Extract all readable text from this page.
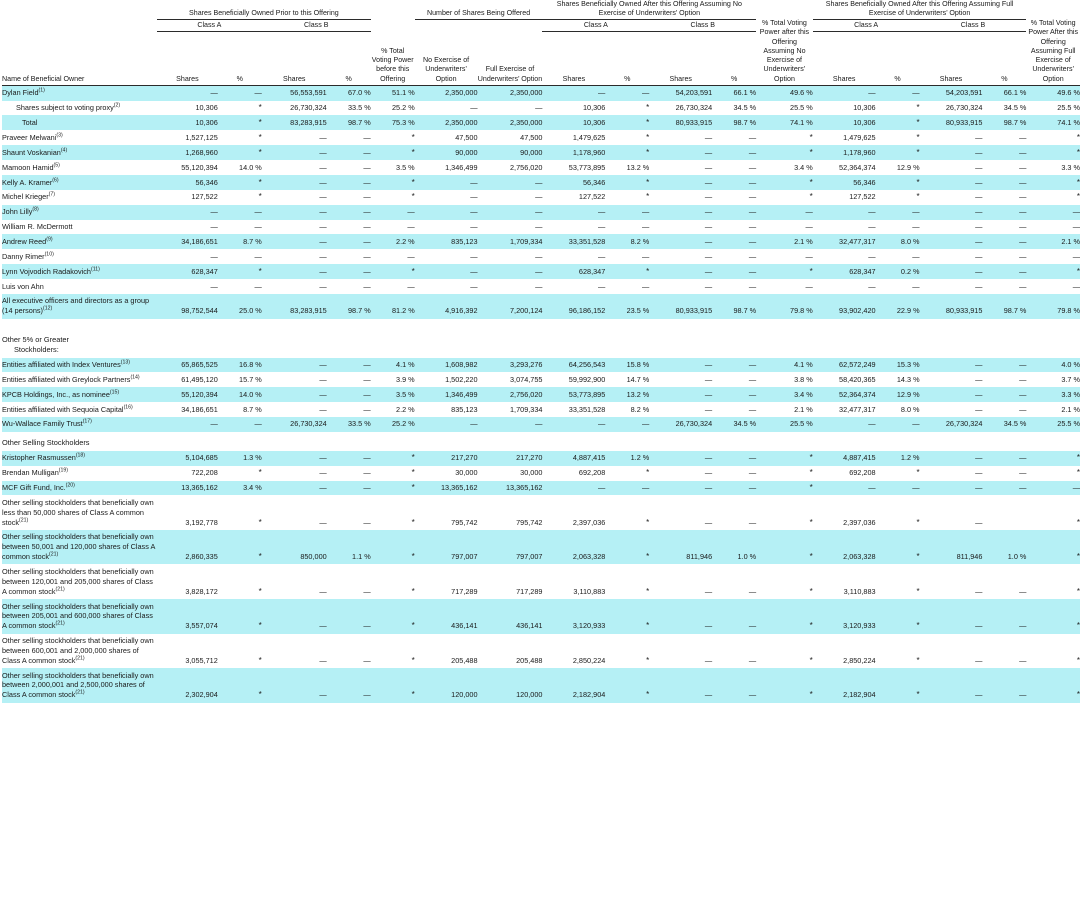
	Shares Beneficially Owned Prior to this Offering					Number of Shares Being Offered		Shares Beneficially Owned After this Offering Assuming No Exercise of Underwriters’ Option					Shares Beneficially Owned After this Offering Assuming Full Exercise of Underwriters’ Option				

	Class A		Class B		% Total Voting Power before this Offering	No Exercise of Underwriters’ Option	Full Exercise of Underwriters’ Option	Class A		Class B		% Total Voting Power after this Offering Assuming No Exercise of Underwriters’ Option	Class A		Class B		% Total Voting Power After this Offering Assuming Full Exercise of Underwriters’ Option

Name of Beneficial Owner	Shares	%	Shares	%				Shares	%	Shares	%		Shares	%	Shares	%	

Dylan Field$^{(1)}$	—	—	56,553,591	67.0 %	51.1 %	2,350,000	2,350,000	—	—	54,203,591	66.1 %	49.6 %	—	—	54,203,591	66.1 %	49.6 %

Shares subject to voting proxy$^{(2)}$	10,306	*	26,730,324	33.5 %	25.2 %	—	—	10,306	*	26,730,324	34.5 %	25.5 %	10,306	*	26,730,324	34.5 %	25.5 %

Total	10,306	*	83,283,915	98.7 %	75.3 %	2,350,000	2,350,000	10,306	*	80,933,915	98.7 %	74.1 %	10,306	*	80,933,915	98.7 %	74.1 %
Praveer Melwani$^{(3)}$	1,527,125	*	—	—	*	47,500	47,500	1,479,625	*	—	—	*	1,479,625	*	—	—	*
Shaunt Voskanian$^{(4)}$	1,268,960	*	—	—	*	90,000	90,000	1,178,960	*	—	—	*	1,178,960	*	—	—	*
Mamoon Hamid$^{(5)}$	55,120,394	14.0 %	—	—	3.5 %	1,346,499	2,756,020	53,773,895	13.2 %	—	—	3.4 %	52,364,374	12.9 %	—	—	3.3 %
Kelly A. Kramer$^{(6)}$	56,346	*	—	—	*	—	—	56,346	*	—	—	*	56,346	*	—	—	*
Michel Krieger$^{(7)}$	127,522	*	—	—	*	—	—	127,522	*	—	—	*	127,522	*	—	—	*
John Lilly$^{(8)}$	—	—	—	—	—	—	—	—	—	—	—	—	—	—	—	—	—
William R. McDermott	—	—	—	—	—	—	—	—	—	—	—	—	—	—	—	—	—
Andrew Reed$^{(9)}$	34,186,651	8.7 %	—	—	2.2 %	835,123	1,709,334	33,351,528	8.2 %	—	—	2.1 %	32,477,317	8.0 %	—	—	2.1 %
Danny Rimer$^{(10)}$	—	—	—	—	—	—	—	—	—	—	—	—	—	—	—	—	—
Lynn Vojvodich Radakovich$^{(11)}$	628,347	*	—	—	*	—	—	628,347	*	—	—	*	628,347	0.2 %	—	—	*
Luis von Ahn	—	—	—	—	—	—	—	—	—	—	—	—	—	—	—	—	—
All executive officers and directors as a group (14 persons)$^{(12)}$	98,752,544	25.0 %	83,283,915	98.7 %	81.2 %	4,916,392	7,200,124	96,186,152	23.5 %	80,933,915	98.7 %	79.8 %	93,902,420	22.9 %	80,933,915	98.7 %	79.8 %

Other 5% or Greater

Stockholders:																	

Entities affiliated with Index Ventures$^{(13)}$	65,865,525	16.8 %	—	—	4.1 %	1,608,982	3,293,276	64,256,543	15.8 %	—	—	4.1 %	62,572,249	15.3 %	—	—	4.0 %
Entities affiliated with Greylock Partners$^{(14)}$	61,495,120	15.7 %	—	—	3.9 %	1,502,220	3,074,755	59,992,900	14.7 %	—	—	3.8 %	58,420,365	14.3 %	—	—	3.7 %
KPCB Holdings, Inc., as nominee$^{(15)}$	55,120,394	14.0 %	—	—	3.5 %	1,346,499	2,756,020	53,773,895	13.2 %	—	—	3.4 %	52,364,374	12.9 %	—	—	3.3 %
Entities affiliated with Sequoia Capital$^{(16)}$	34,186,651	8.7 %	—	—	2.2 %	835,123	1,709,334	33,351,528	8.2 %	—	—	2.1 %	32,477,317	8.0 %	—	—	2.1 %
Wu-Wallace Family Trust$^{(17)}$	—	—	26,730,324	33.5 %	25.2 %	—	—	—	—	26,730,324	34.5 %	25.5 %	—	—	26,730,324	34.5 %	25.5 %
Other Selling Stockholders																	
Kristopher Rasmussen$^{(18)}$	5,104,685	1.3 %	—	—	*	217,270	217,270	4,887,415	1.2 %	—	—	*	4,887,415	1.2 %	—	—	*
Brendan Mulligan$^{(19)}$	722,208	*	—	—	*	30,000	30,000	692,208	*	—	—	*	692,208	*	—	—	*
MCF Gift Fund, Inc.$^{(20)}$	13,365,162	3.4 %	—	—	*	13,365,162	13,365,162	—	—	—	—	*	—	—	—	—	—
Other selling stockholders that beneficially own less than 50,000 shares of Class A common stock$^{(21)}$	3,192,778	*	—	—	*	795,742	795,742	2,397,036	*	—	—	*	2,397,036	*	—		*
Other selling stockholders that beneficially own between 50,001 and 120,000 shares of Class A common stock$^{(21)}$	2,860,335	*	850,000	1.1 %	*	797,007	797,007	2,063,328	*	811,946	1.0 %	*	2,063,328	*	811,946	1.0 %	*
Other selling stockholders that beneficially own between 120,001 and 205,000 shares of Class A common stock$^{(21)}$	3,828,172	*	—	—	*	717,289	717,289	3,110,883	*	—	—	*	3,110,883	*	—	—	*
Other selling stockholders that beneficially own between 205,001 and 600,000 shares of Class A common stock$^{(21)}$	3,557,074	*	—	—	*	436,141	436,141	3,120,933	*	—	—	*	3,120,933	*	—	—	*
Other selling stockholders that beneficially own between 600,001 and 2,000,000 shares of Class A common stock$^{(21)}$	3,055,712	*	—	—	*	205,488	205,488	2,850,224	*	—	—	*	2,850,224	*	—	—	*
Other selling stockholders that beneficially own between 2,000,001 and 2,500,000 shares of Class A common stock$^{(21)}$	2,302,904	*	—	—	*	120,000	120,000	2,182,904	*	—	—	*	2,182,904	*	—	—	*
